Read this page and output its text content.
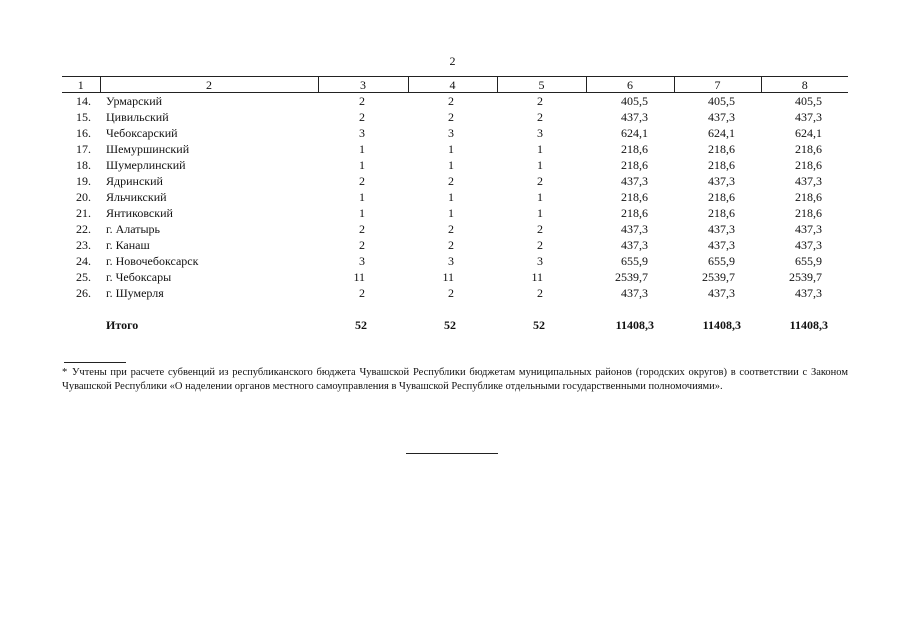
2
1	2	3	4	5	6	7	8
14.	Урмарский	2	2	2	405,5	405,5	405,5
15.	Цивильский	2	2	2	437,3	437,3	437,3
16.	Чебоксарский	3	3	3	624,1	624,1	624,1
17.	Шемуршинский	1	1	1	218,6	218,6	218,6
18.	Шумерлинский	1	1	1	218,6	218,6	218,6
19.	Ядринский	2	2	2	437,3	437,3	437,3
20.	Яльчикский	1	1	1	218,6	218,6	218,6
21.	Янтиковский	1	1	1	218,6	218,6	218,6
22.	г. Алатырь	2	2	2	437,3	437,3	437,3
23.	г. Канаш	2	2	2	437,3	437,3	437,3
24.	г. Новочебоксарск	3	3	3	655,9	655,9	655,9
25.	г. Чебоксары	11	11	11	2539,7	2539,7	2539,7
26.	г. Шумерля	2	2	2	437,3	437,3	437,3

	Итого	52	52	52	11408,3	11408,3	11408,3
* Учтены при расчете субвенций из республиканского бюджета Чувашской Республики бюджетам муниципальных районов (городских округов) в соответствии с Законом Чувашской Республики «О наделении органов местного самоуправления в Чувашской Республике отдельными государственными полномочиями».
